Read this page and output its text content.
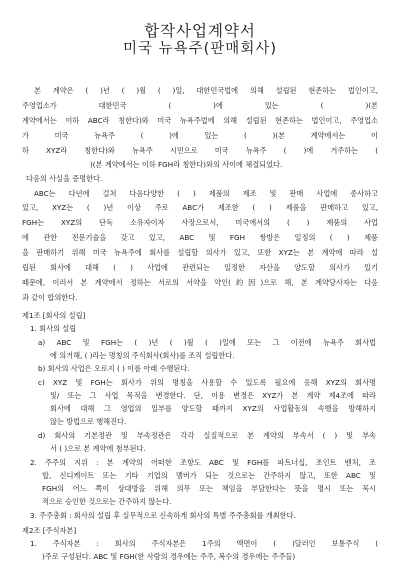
합작사업계약서
미국 뉴욕주(판매회사)
본 계약은 ( )년 ( )월 ( )일, 대한민국법에 의해 설립된 현존하는 법인이고,
주영업소가 대한민국 ( )에 있는 ( )(본
계약에서는 이하 ABC라 칭한다)와 미국 뉴욕주법에 의해 설립된 현존하는 법인이고, 주영업소
가 미국 뉴욕주 ( )에 있는 ( )(본 계약에서는 이
하 XYZ라 칭한다)와 뉴욕주 시민으로 미국 뉴욕주 ( )에 거주하는 (
)(본 계약에서는 이하 FGH라 칭한다)와의 사이에 체결되었다.
다음의 사실을 증명한다.
ABC는 다년에 걸쳐 다음다양한 ( ) 제품의 제조 및 판매 사업에 종사하고
있고, XYZ는 ( )년 이상 주로 ABC가 제조한 ( ) 제품을 판매하고 있고,
FGH는 XYZ의 단독 소유자이자 사장으로서, 미국에서의 ( ) 제품의 사업
에 관한 전문기술을 갖고 있고, ABC 및 FGH 쌍방은 일정의 ( ) 제품
을 판매하기 위해 미국 뉴욕주에 회사를 설립할 의사가 있고, 또한 XYZ는 본 계약에 따라 설
립된 회사에 대해 ( ) 사업에 관련되는 일정한 자산을 양도할 의사가 있기
때문에, 이러서 본 계약에서 정하는 서로의 서약을 약인(約因)으로 해, 본 계약당사자는 다음
과 같이 합의한다.
제1조 [회사의 설립]
1. 회사의 설립
a) ABC 및 FGH는 ( )년 ( )월 ( )일에 또는 그 이전에 뉴욕주 회사법
에 의거해, ( )라는 명칭의 주식회사(회사)를 조직 설립한다.
b) 회사의 사업은 오로지 ( ) 이름 아래 수행된다.
c) XYZ 및 FGH는 회사가 위의 명칭을 사용할 수 있도록 필요에 응해 XYZ의 회사명
및/ 또는 그 사업 목적을 변경한다. 단, 이용 변경은 XYZ가 본 계약 제4조에 따라
회사에 대해 그 영업의 일부를 양도할 때까지 XYZ의 사업활동의 속행을 방해하지
않는 방법으로 행해진다.
d) 회사의 기본정관 및 부속정관은 각각 실질적으로 본 계약의 부속서 ( ) 및 부속
서 ( )으로 본 계약에 첨부된다.
2. 주주의 지위 : 본 계약의 어떠한 조항도 ABC 및 FGH를 파트너십, 조인트 벤처, 조
합, 신디케이트 또는 기타 기업의 멤버가 되는 것으로는 간주하지 않고, 또한 ABC 및
FGH의 어느 쪽이 상대방을 위해 의무 또는 책임을 부담한다는 뜻을 명시 또는 묵시
적으로 승인한 것으로는 간주하지 않는다.
3. 주주총회 : 회사의 설립 후 실무적으로 신속하게 회사의 특별 주주총회를 개최한다.
제2조 [주식자본]
1. 주식자본 : 회사의 주식자본은 1주의 액면이 ( )달러인 보통주식 (
)주로 구성된다. ABC 및 FGH(한 사람의 경우에는 주주, 복수의 경우에는 주주들)
